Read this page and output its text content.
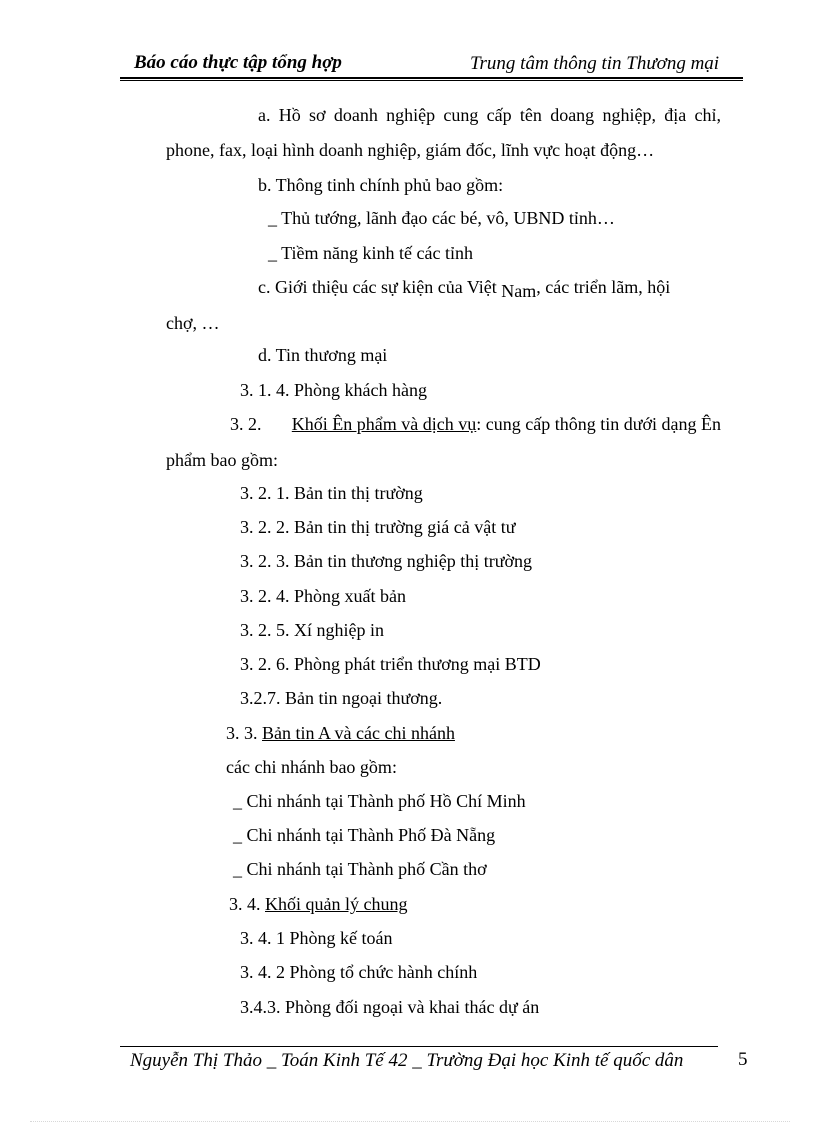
Báo cáo thực tập tổng hợp	Trung tâm thông tin Thương mại
a. Hồ sơ doanh nghiệp cung cấp tên doang nghiệp, địa chỉ,
phone, fax, loại hình doanh nghiệp, giám đốc, lĩnh vực hoạt động…
b. Thông tinh chính phủ bao gồm:
_ Thủ tướng, lãnh đạo các bé, vô, UBND tỉnh…
_ Tiềm năng kinh tế các tỉnh
c. Giới thiệu các sự kiện của Việt Nam, các triển lãm, hội
chợ, …
d. Tin thương mại
3. 1. 4. Phòng khách hàng
3. 2. Khối Ên phẩm và dịch vụ: cung cấp thông tin dưới dạng Ên
phẩm bao gồm:
3. 2. 1. Bản tin thị trường
3. 2. 2. Bản tin thị trường giá cả vật tư
3. 2. 3. Bản tin thương nghiệp thị trường
3. 2. 4. Phòng xuất bản
3. 2. 5. Xí nghiệp in
3. 2. 6. Phòng phát triển thương mại BTD
3.2.7. Bản tin ngoại thương.
3. 3. Bản tin A và các chi nhánh
các chi nhánh bao gồm:
_ Chi nhánh tại Thành phố Hồ Chí Minh
_ Chi nhánh tại Thành Phố Đà Nẵng
_ Chi nhánh tại Thành phố Cần thơ
3. 4. Khối quản lý chung
3. 4. 1 Phòng kế toán
3. 4. 2 Phòng tổ chức hành chính
3.4.3. Phòng đối ngoại và khai thác dự án
Nguyễn Thị Thảo _ Toán Kinh Tế 42 _ Trường Đại học Kinh tế quốc dân	5
